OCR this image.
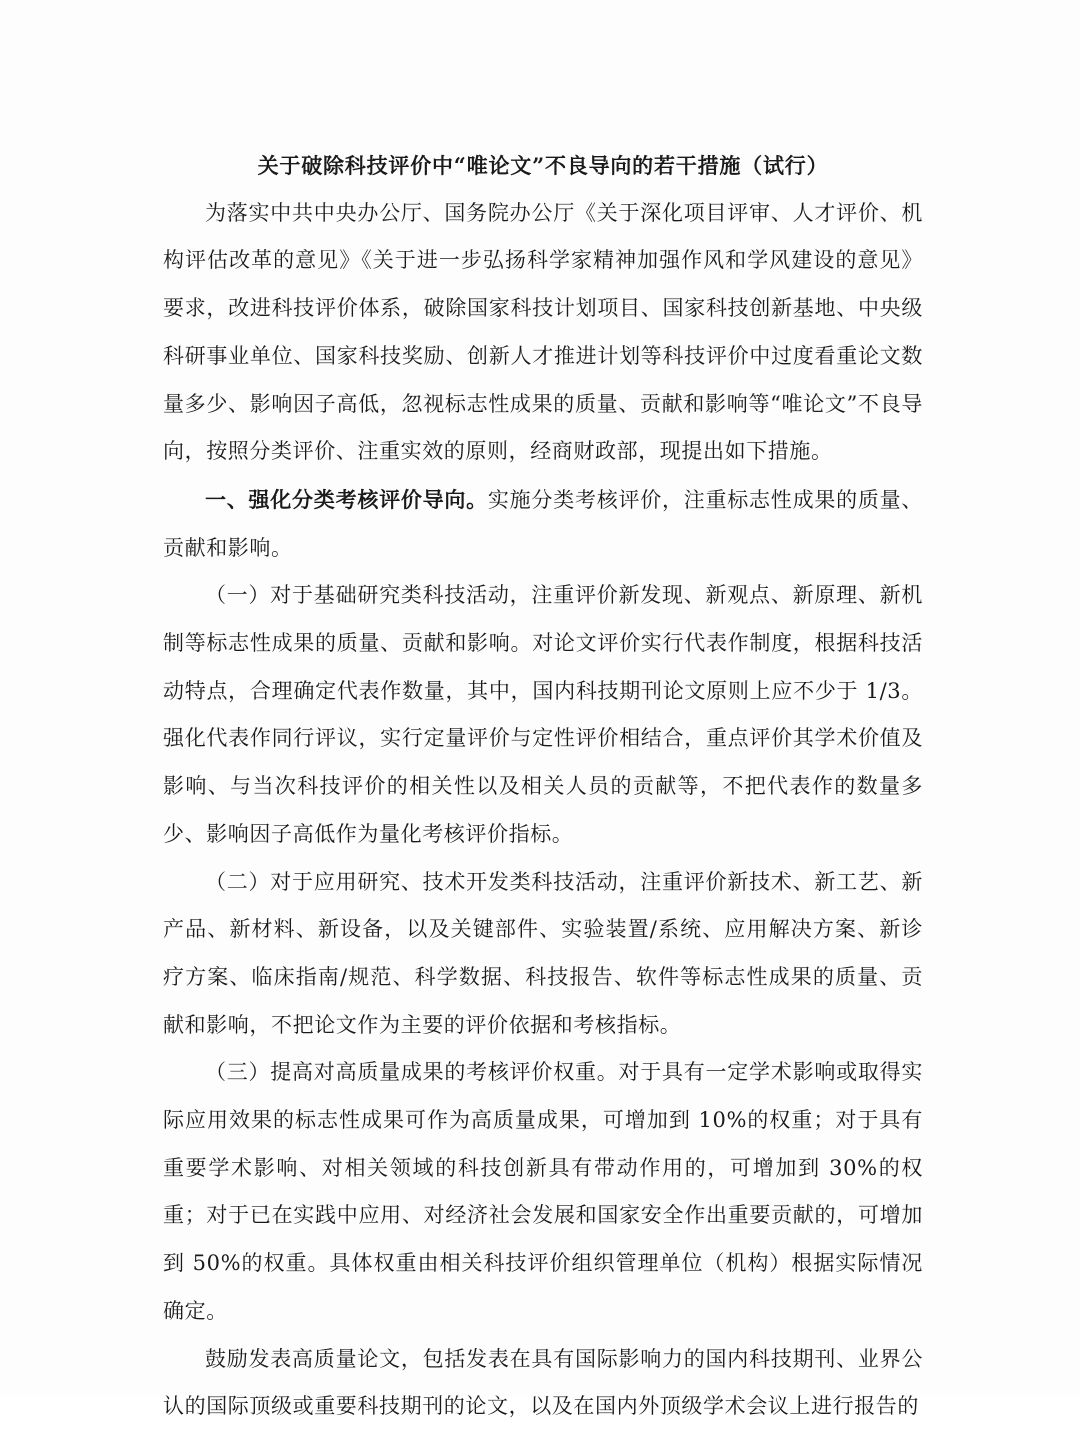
关于破除科技评价中“唯论文”不良导向的若干措施（试行）

为落实中共中央办公厅、国务院办公厅《关于深化项目评审、人才评价、机构评估改革的意见》《关于进一步弘扬科学家精神加强作风和学风建设的意见》要求，改进科技评价体系，破除国家科技计划项目、国家科技创新基地、中央级科研事业单位、国家科技奖励、创新人才推进计划等科技评价中过度看重论文数量多少、影响因子高低，忽视标志性成果的质量、贡献和影响等“唯论文”不良导向，按照分类评价、注重实效的原则，经商财政部，现提出如下措施。

一、强化分类考核评价导向。实施分类考核评价，注重标志性成果的质量、贡献和影响。

（一）对于基础研究类科技活动，注重评价新发现、新观点、新原理、新机制等标志性成果的质量、贡献和影响。对论文评价实行代表作制度，根据科技活动特点，合理确定代表作数量，其中，国内科技期刊论文原则上应不少于 1/3。强化代表作同行评议，实行定量评价与定性评价相结合，重点评价其学术价值及影响、与当次科技评价的相关性以及相关人员的贡献等，不把代表作的数量多少、影响因子高低作为量化考核评价指标。

（二）对于应用研究、技术开发类科技活动，注重评价新技术、新工艺、新产品、新材料、新设备，以及关键部件、实验装置/系统、应用解决方案、新诊疗方案、临床指南/规范、科学数据、科技报告、软件等标志性成果的质量、贡献和影响，不把论文作为主要的评价依据和考核指标。

（三）提高对高质量成果的考核评价权重。对于具有一定学术影响或取得实际应用效果的标志性成果可作为高质量成果，可增加到 10%的权重；对于具有重要学术影响、对相关领域的科技创新具有带动作用的，可增加到 30%的权重；对于已在实践中应用、对经济社会发展和国家安全作出重要贡献的，可增加到 50%的权重。具体权重由相关科技评价组织管理单位（机构）根据实际情况确定。

鼓励发表高质量论文，包括发表在具有国际影响力的国内科技期刊、业界公认的国际顶级或重要科技期刊的论文，以及在国内外顶级学术会议上进行报告的
